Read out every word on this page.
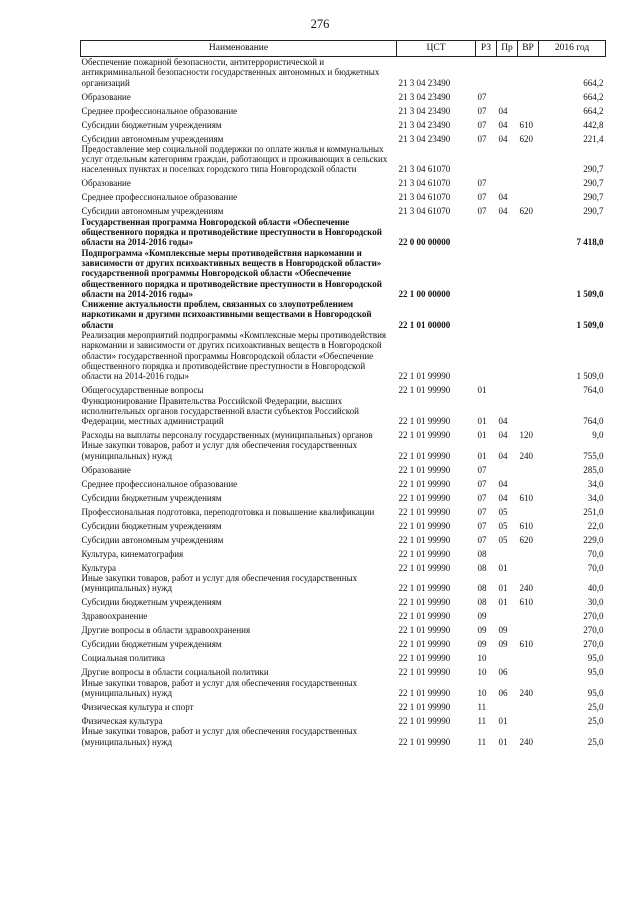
276
Наименование	ЦСТ	РЗ	Пр	ВР	2016 год
Обеспечение пожарной безопасности, антитеррористической и антикриминальной безопасности государственных автономных и бюджетных организаций	21 3 04 23490				664,2
Образование	21 3 04 23490	07			664,2
Среднее профессиональное образование	21 3 04 23490	07	04		664,2
Субсидии бюджетным учреждениям	21 3 04 23490	07	04	610	442,8
Субсидии автономным учреждениям	21 3 04 23490	07	04	620	221,4
Предоставление мер социальной поддержки по оплате жилья и коммунальных услуг отдельным категориям граждан, работающих и проживающих в сельских населенных пунктах и поселках городского типа Новгородской области	21 3 04 61070				290,7
Образование	21 3 04 61070	07			290,7
Среднее профессиональное образование	21 3 04 61070	07	04		290,7
Субсидии автономным учреждениям	21 3 04 61070	07	04	620	290,7
Государственная программа Новгородской области «Обеспечение общественного порядка и противодействие преступности в Новгородской области на 2014-2016 годы»	22 0 00 00000				7 418,0
Подпрограмма «Комплексные меры противодействия наркомании и зависимости от других психоактивных веществ в Новгородской области» государственной программы Новгородской области «Обеспечение общественного порядка и противодействие преступности в Новгородской области на 2014-2016 годы»	22 1 00 00000				1 509,0
Снижение актуальности проблем, связанных со злоупотреблением наркотиками и другими психоактивными веществами в Новгородской области	22 1 01 00000				1 509,0
Реализация мероприятий подпрограммы «Комплексные меры противодействия наркомании и зависимости от других психоактивных веществ в Новгородской области» государственной программы Новгородской области «Обеспечение общественного порядка и противодействие преступности в Новгородской области на 2014-2016 годы»	22 1 01 99990				1 509,0
Общегосударственные вопросы	22 1 01 99990	01			764,0
Функционирование Правительства Российской Федерации, высших исполнительных органов государственной власти субъектов Российской Федерации, местных администраций	22 1 01 99990	01	04		764,0
Расходы на выплаты персоналу государственных (муниципальных) органов	22 1 01 99990	01	04	120	9,0
Иные закупки товаров, работ и услуг для обеспечения государственных (муниципальных) нужд	22 1 01 99990	01	04	240	755,0
Образование	22 1 01 99990	07			285,0
Среднее профессиональное образование	22 1 01 99990	07	04		34,0
Субсидии бюджетным учреждениям	22 1 01 99990	07	04	610	34,0
Профессиональная подготовка, переподготовка и повышение квалификации	22 1 01 99990	07	05		251,0
Субсидии бюджетным учреждениям	22 1 01 99990	07	05	610	22,0
Субсидии автономным учреждениям	22 1 01 99990	07	05	620	229,0
Культура, кинематография	22 1 01 99990	08			70,0
Культура	22 1 01 99990	08	01		70,0
Иные закупки товаров, работ и услуг для обеспечения государственных (муниципальных) нужд	22 1 01 99990	08	01	240	40,0
Субсидии бюджетным учреждениям	22 1 01 99990	08	01	610	30,0
Здравоохранение	22 1 01 99990	09			270,0
Другие вопросы в области здравоохранения	22 1 01 99990	09	09		270,0
Субсидии бюджетным учреждениям	22 1 01 99990	09	09	610	270,0
Социальная политика	22 1 01 99990	10			95,0
Другие вопросы в области социальной политики	22 1 01 99990	10	06		95,0
Иные закупки товаров, работ и услуг для обеспечения государственных (муниципальных) нужд	22 1 01 99990	10	06	240	95,0
Физическая культура и спорт	22 1 01 99990	11			25,0
Физическая культура	22 1 01 99990	11	01		25,0
Иные закупки товаров, работ и услуг для обеспечения государственных (муниципальных) нужд	22 1 01 99990	11	01	240	25,0
